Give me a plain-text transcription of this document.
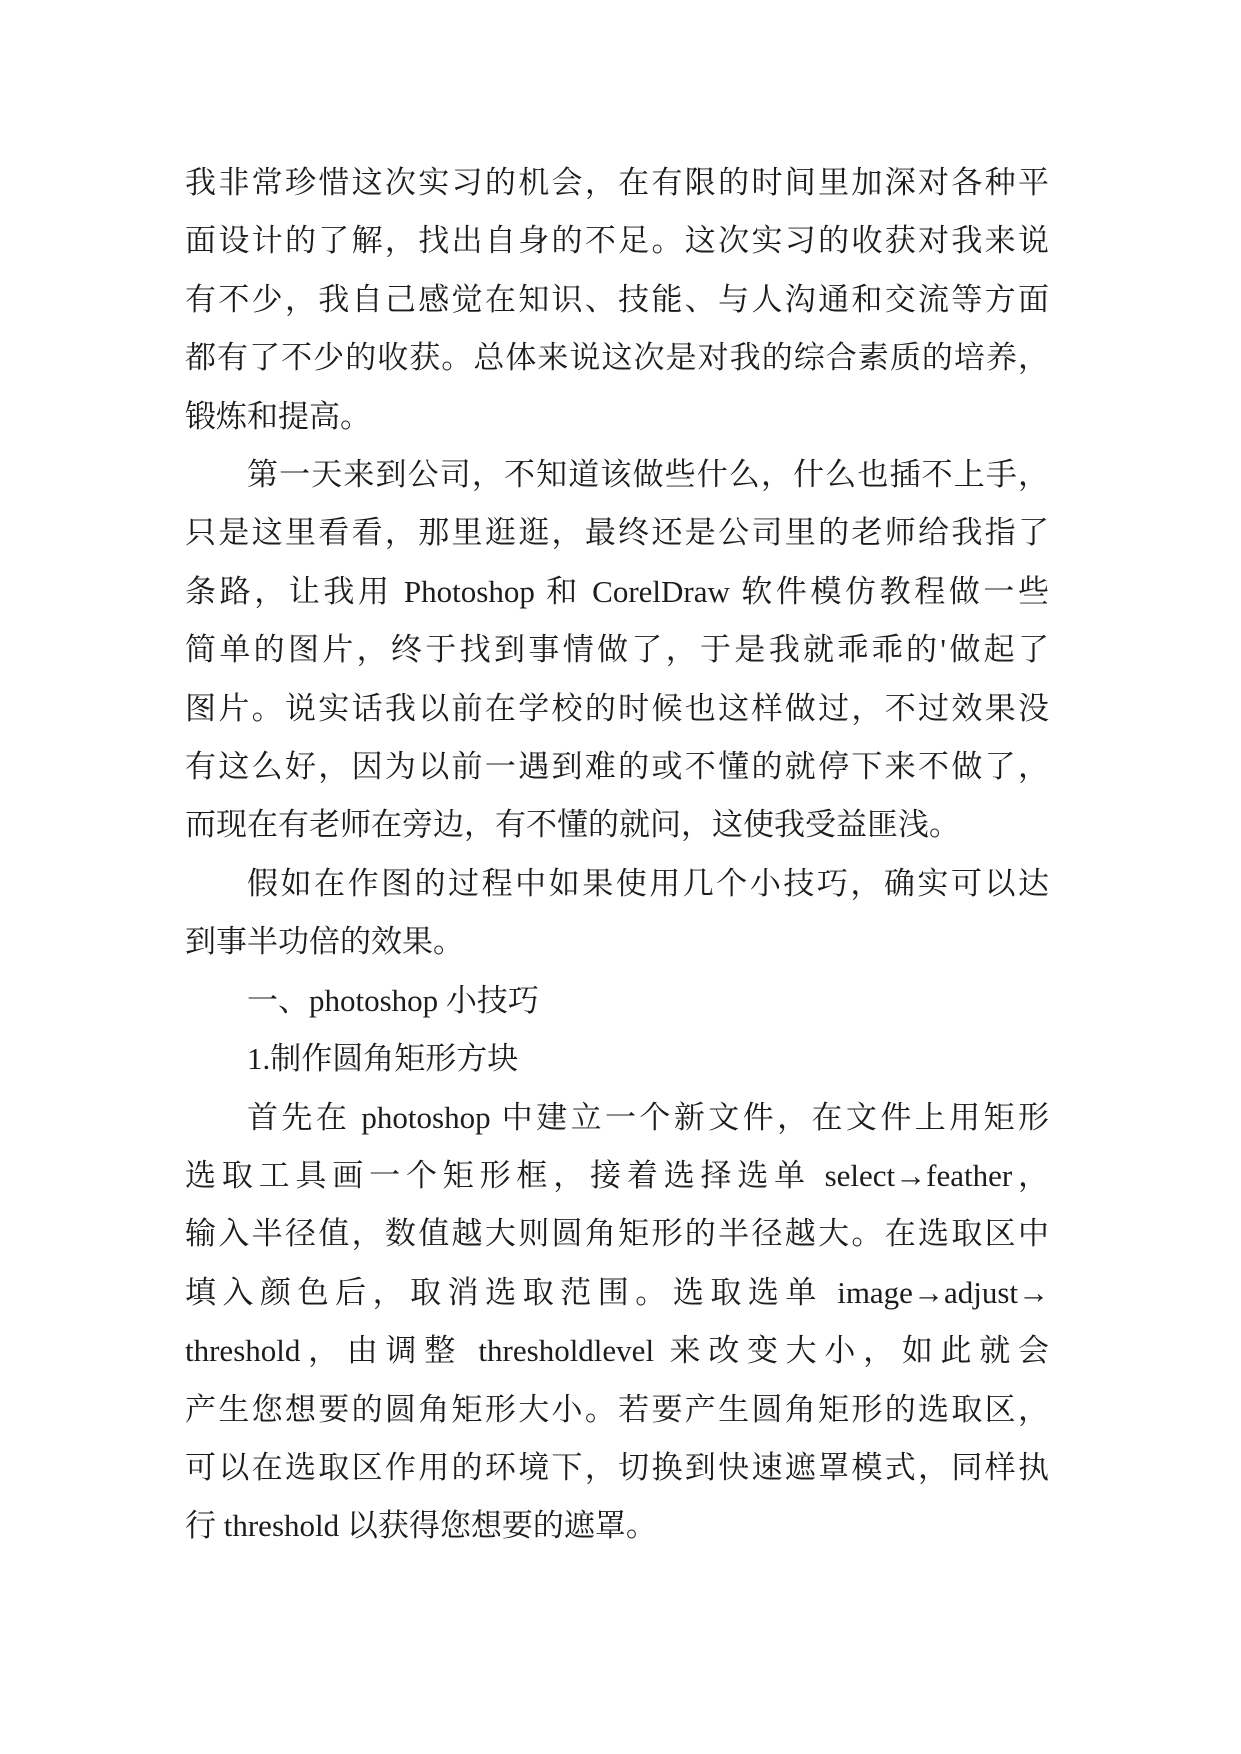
我非常珍惜这次实习的机会，在有限的时间里加深对各种平
面设计的了解，找出自身的不足。这次实习的收获对我来说
有不少，我自己感觉在知识、技能、与人沟通和交流等方面
都有了不少的收获。总体来说这次是对我的综合素质的培养，
锻炼和提高。
第一天来到公司，不知道该做些什么，什么也插不上手，
只是这里看看，那里逛逛，最终还是公司里的老师给我指了
条路，让我用 Photoshop 和 CorelDraw 软件模仿教程做一些
简单的图片，终于找到事情做了，于是我就乖乖的'做起了
图片。说实话我以前在学校的时候也这样做过，不过效果没
有这么好，因为以前一遇到难的或不懂的就停下来不做了，
而现在有老师在旁边，有不懂的就问，这使我受益匪浅。
假如在作图的过程中如果使用几个小技巧，确实可以达
到事半功倍的效果。
一、photoshop 小技巧
1.制作圆角矩形方块
首先在 photoshop 中建立一个新文件，在文件上用矩形
选取工具画一个矩形框，接着选择选单 select→feather，
输入半径值，数值越大则圆角矩形的半径越大。在选取区中
填入颜色后，取消选取范围。选取选单 image→adjust→
threshold，由调整 thresholdlevel 来改变大小，如此就会
产生您想要的圆角矩形大小。若要产生圆角矩形的选取区，
可以在选取区作用的环境下，切换到快速遮罩模式，同样执
行 threshold 以获得您想要的遮罩。
